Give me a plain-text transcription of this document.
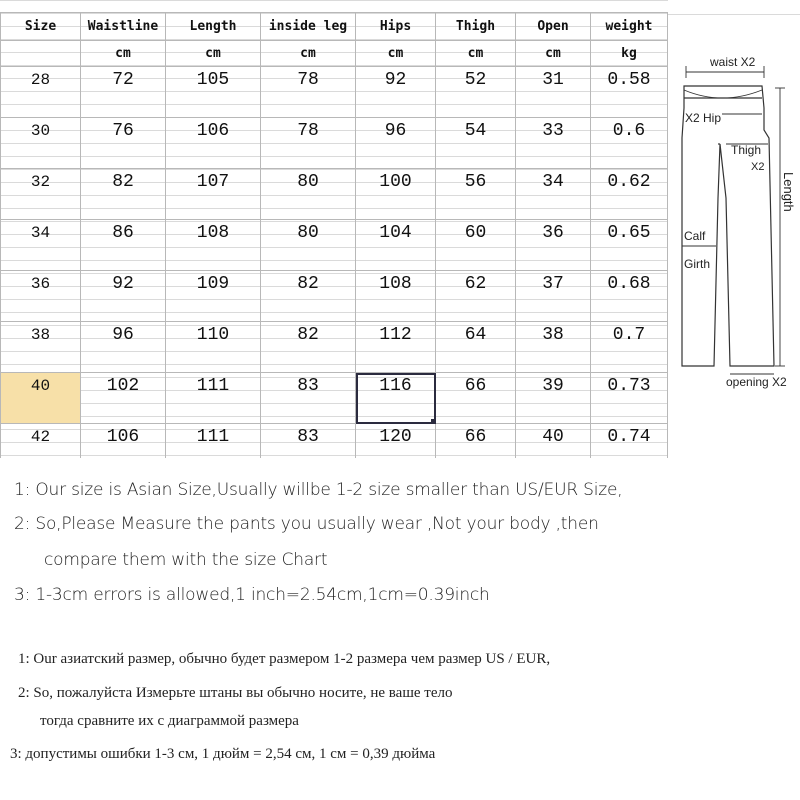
Size	Waistline	Length	inside leg	Hips	Thigh	Open	weight
	cm	cm	cm	cm	cm	cm	kg
28	72	105	78	92	52	31	0.58
30	76	106	78	96	54	33	0.6
32	82	107	80	100	56	34	0.62
34	86	108	80	104	60	36	0.65
36	92	109	82	108	62	37	0.68
38	96	110	82	112	64	38	0.7
40	102	111	83	116	66	39	0.73
42	106	111	83	120	66	40	0.74
waist X2
X2 Hip
Thigh
X2
Length
Calf
Girth
opening X2

1: Our size is Asian Size,Usually willbe 1-2 size smaller than US/EUR Size,

2: So,Please Measure the pants you usually wear ,Not your body ,then

compare them with the size Chart

3: 1-3cm errors is allowed,1 inch=2.54cm,1cm=0.39inch

1: Our азиатский размер, обычно будет размером 1-2 размера чем размер US / EUR,

2: So, пожалуйста Измерьте штаны вы обычно носите, не ваше тело

тогда сравните их с диаграммой размера

3: допустимы ошибки 1-3 см, 1 дюйм = 2,54 см, 1 см = 0,39 дюйма
